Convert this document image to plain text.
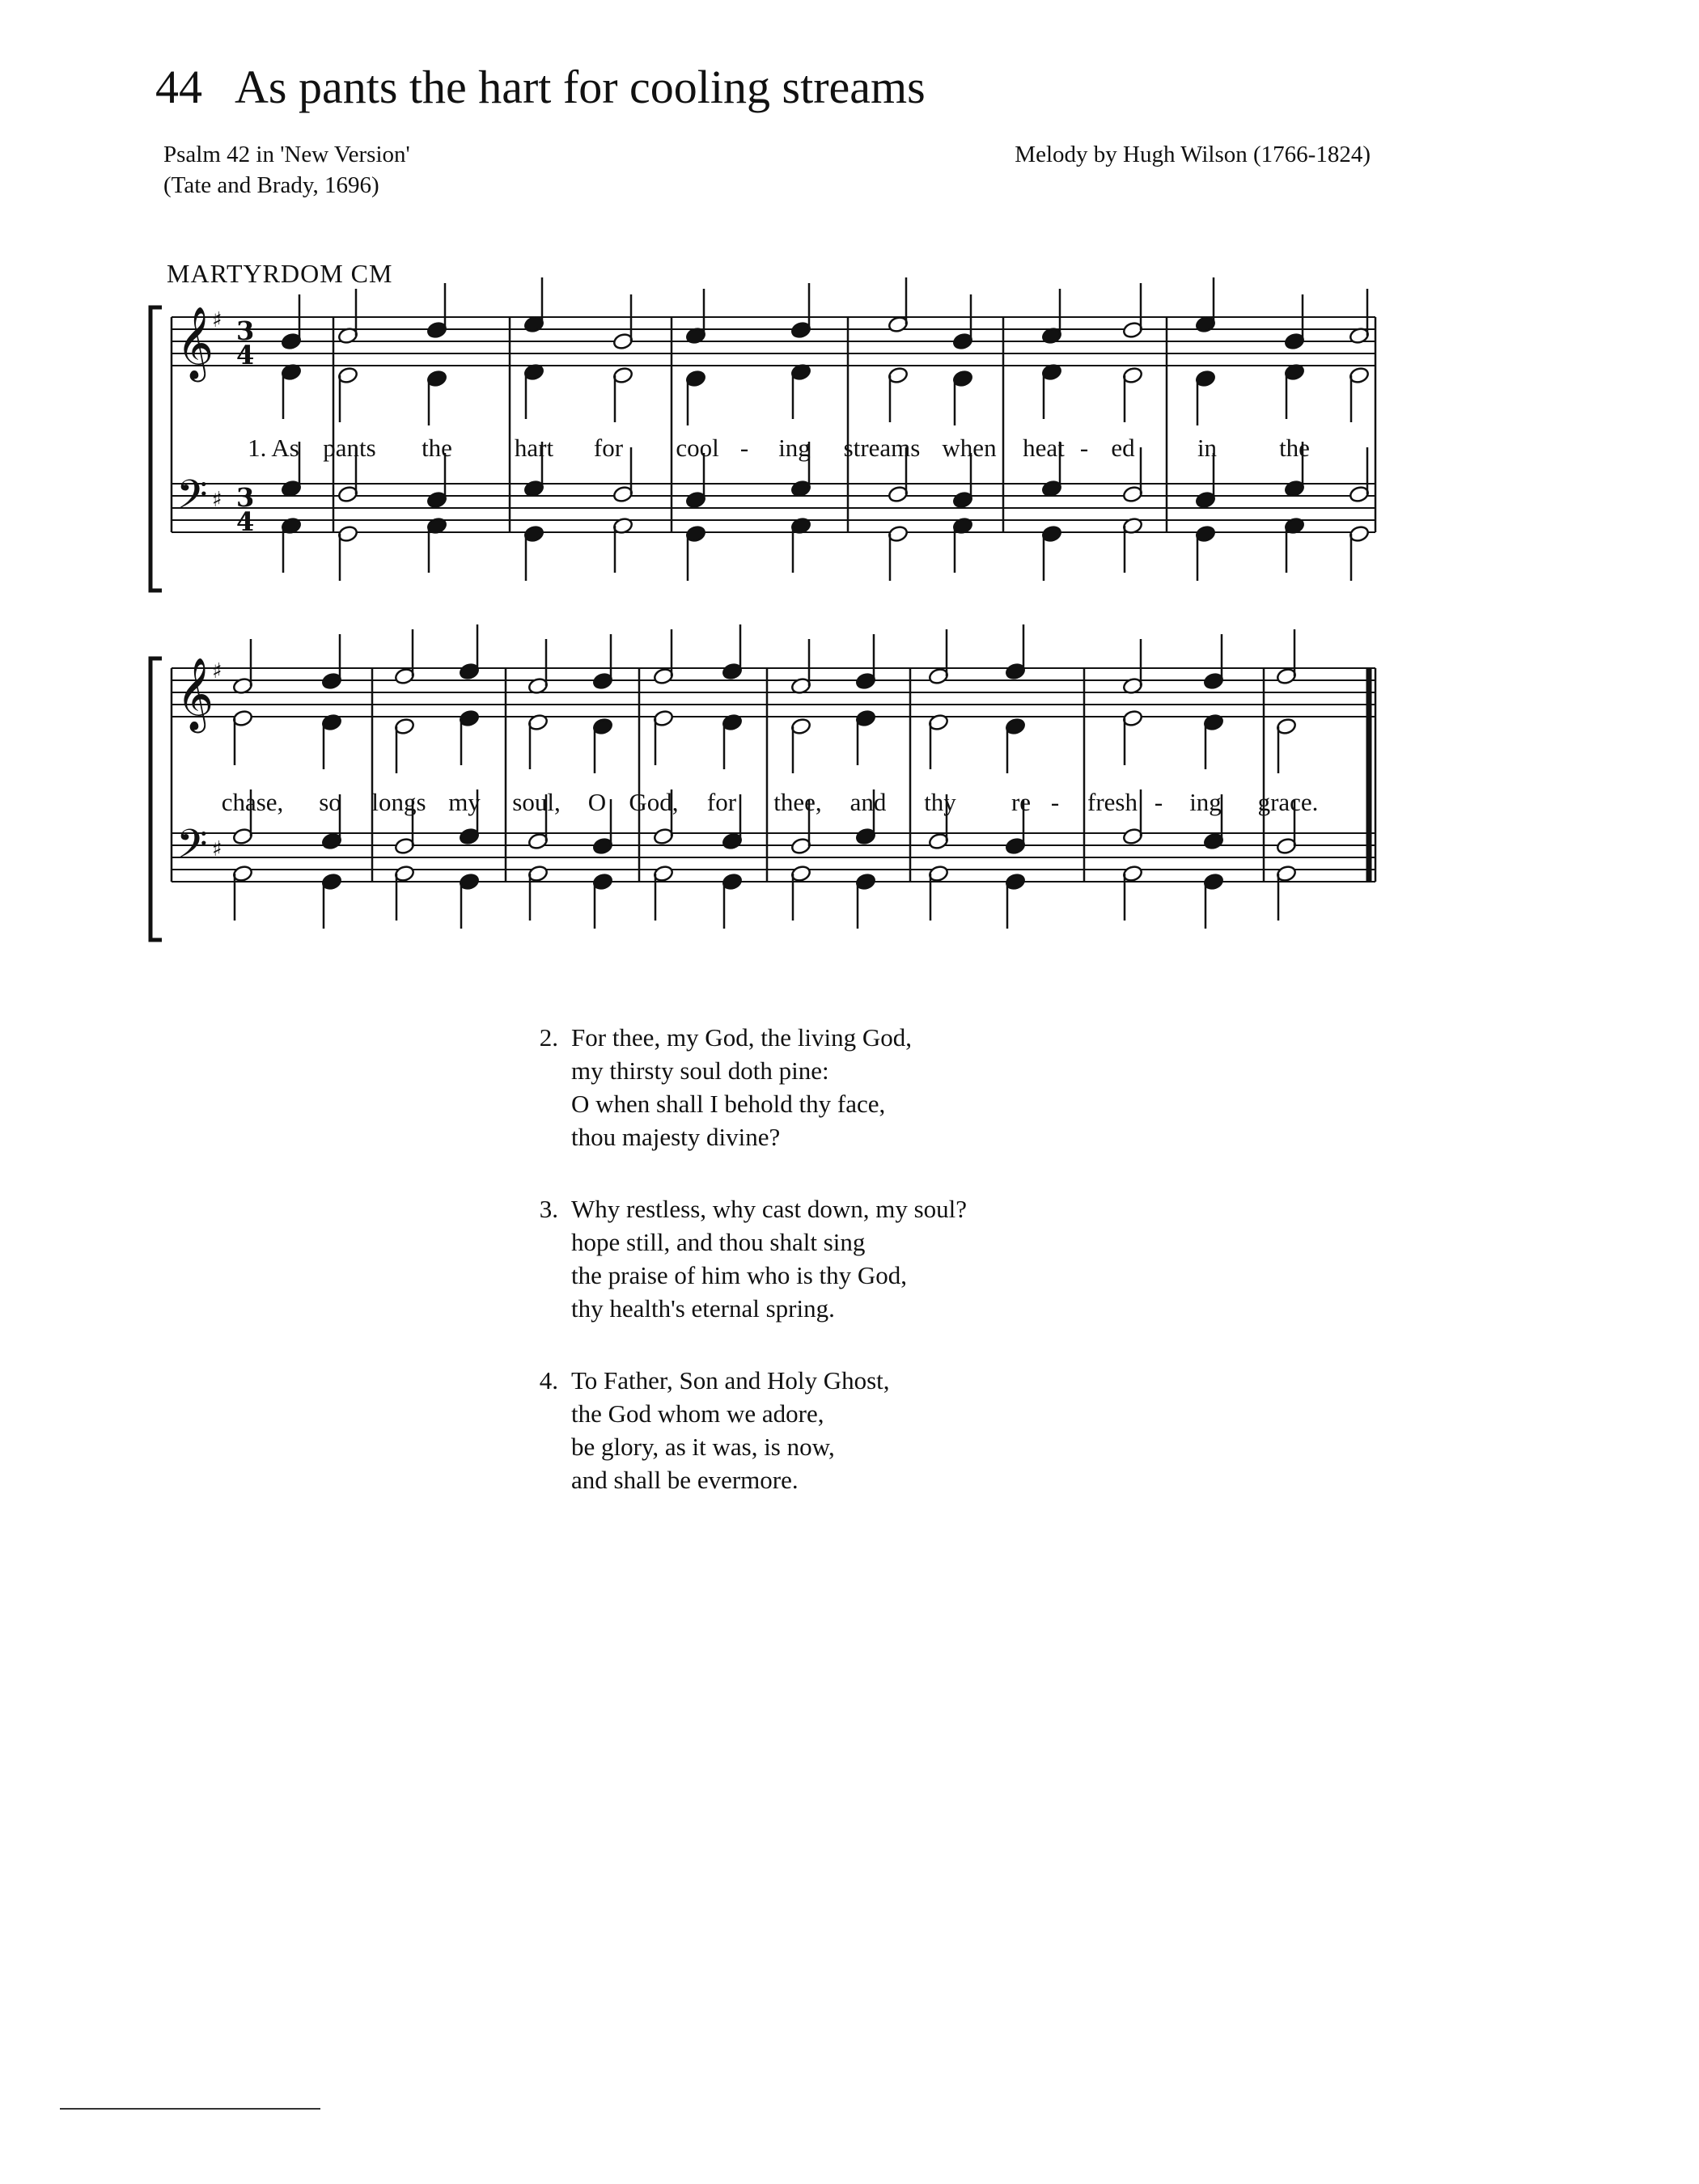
44 As pants the hart for cooling streams
Psalm 42 in 'New Version'
(Tate and Brady, 1696)
Melody by Hugh Wilson (1766-1824)
MARTYRDOM CM
𝄞
♯ 3
4
𝄢 ♯ 3
4
𝄞
♯
𝄢 ♯
1. As pants the hart for cool - ing streams when heat - ed in the
chase, so longs my soul, O God, for thee, and thy re - fresh - ing grace.
2. For thee, my God, the living God,
my thirsty soul doth pine:
O when shall I behold thy face,
thou majesty divine?
3. Why restless, why cast down, my soul?
hope still, and thou shalt sing
the praise of him who is thy God,
thy health's eternal spring.
4. To Father, Son and Holy Ghost,
the God whom we adore,
be glory, as it was, is now,
and shall be evermore.
